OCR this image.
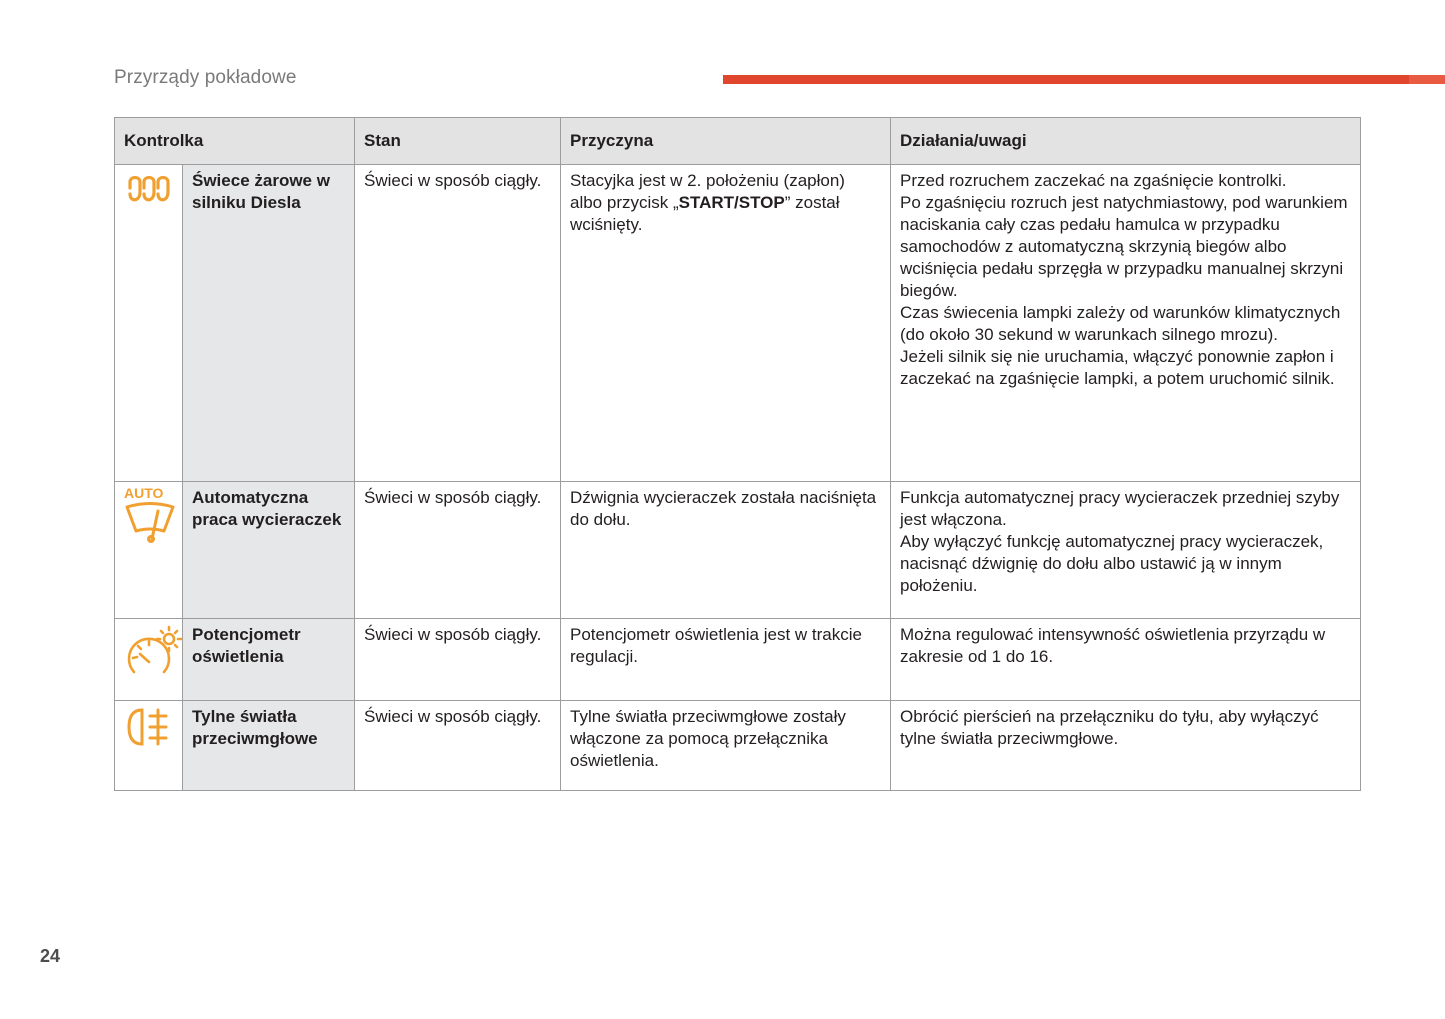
Przyrządy pokładowe
Kontrolka		Stan	Przyczyna	Działania/uwagi

	Świece żarowe w silniku Diesla	Świeci w sposób ciągły.	Stacyjka jest w 2. położeniu (zapłon) albo przycisk „START/STOP” został wciśnięty.	Przed rozruchem zaczekać na zgaśnięcie kontrolki.
Po zgaśnięciu rozruch jest natychmiastowy, pod warunkiem naciskania cały czas pedału hamulca w przypadku samochodów z automatyczną skrzynią biegów albo wciśnięcia pedału sprzęgła w przypadku manualnej skrzyni biegów.
Czas świecenia lampki zależy od warunków klimatycznych (do około 30 sekund w warunkach silnego mrozu).
Jeżeli silnik się nie uruchamia, włączyć ponownie zapłon i zaczekać na zgaśnięcie lampki, a potem uruchomić silnik.

AUTO	Automatyczna praca wycieraczek	Świeci w sposób ciągły.	Dźwignia wycieraczek została naciśnięta do dołu.	Funkcja automatycznej pracy wycieraczek przedniej szyby jest włączona.
Aby wyłączyć funkcję automatycznej pracy wycieraczek, nacisnąć dźwignię do dołu albo ustawić ją w innym położeniu.

	Potencjometr oświetlenia	Świeci w sposób ciągły.	Potencjometr oświetlenia jest w trakcie regulacji.	Można regulować intensywność oświetlenia przyrządu w zakresie od 1 do 16.

	Tylne światła przeciwmgłowe	Świeci w sposób ciągły.	Tylne światła przeciwmgłowe zostały włączone za pomocą przełącznika oświetlenia.	Obrócić pierścień na przełączniku do tyłu, aby wyłączyć tylne światła przeciwmgłowe.
24
